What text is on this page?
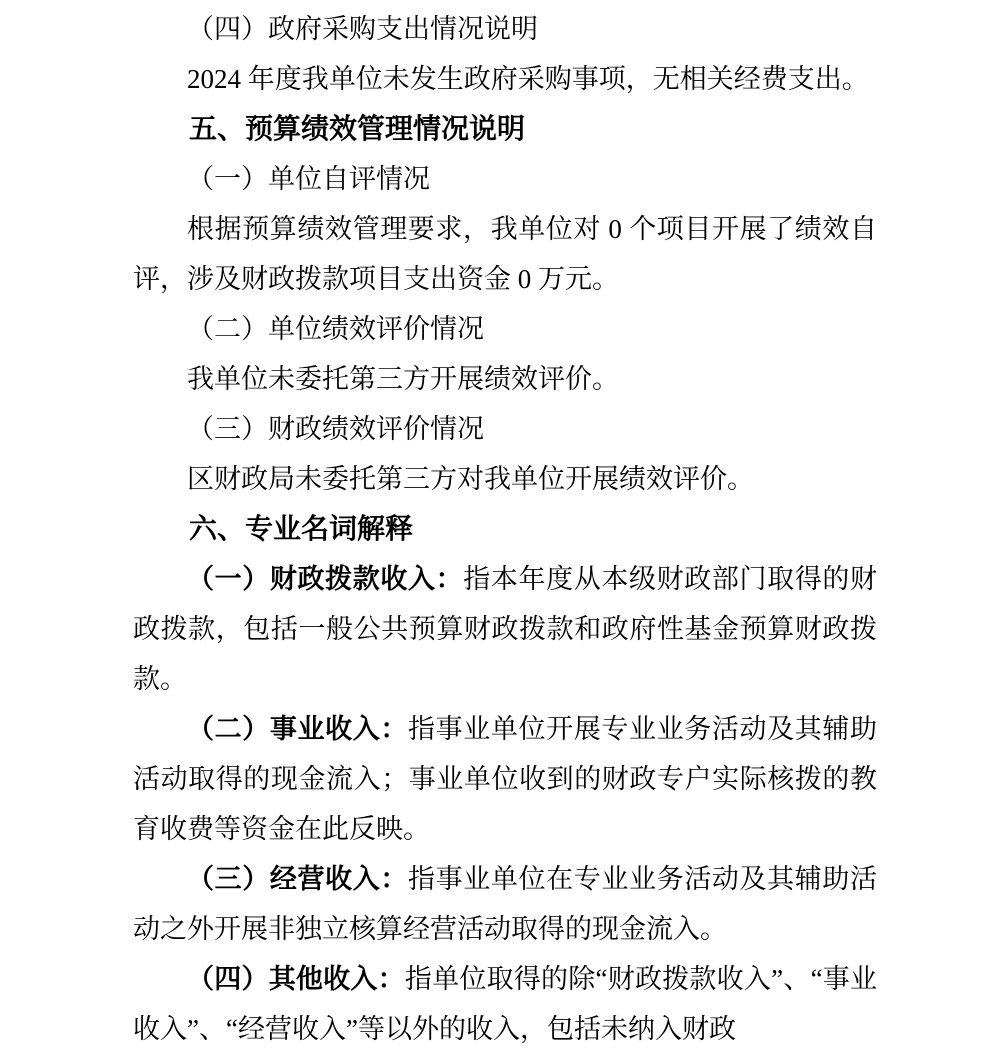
（四）政府采购支出情况说明

2024 年度我单位未发生政府采购事项，无相关经费支出。

五、预算绩效管理情况说明

（一）单位自评情况

根据预算绩效管理要求，我单位对 0 个项目开展了绩效自评，涉及财政拨款项目支出资金 0 万元。

（二）单位绩效评价情况

我单位未委托第三方开展绩效评价。

（三）财政绩效评价情况

区财政局未委托第三方对我单位开展绩效评价。

六、专业名词解释

（一）财政拨款收入：指本年度从本级财政部门取得的财政拨款，包括一般公共预算财政拨款和政府性基金预算财政拨款。

（二）事业收入：指事业单位开展专业业务活动及其辅助活动取得的现金流入；事业单位收到的财政专户实际核拨的教育收费等资金在此反映。

（三）经营收入：指事业单位在专业业务活动及其辅助活动之外开展非独立核算经营活动取得的现金流入。

（四）其他收入：指单位取得的除“财政拨款收入”、“事业收入”、“经营收入”等以外的收入，包括未纳入财政
